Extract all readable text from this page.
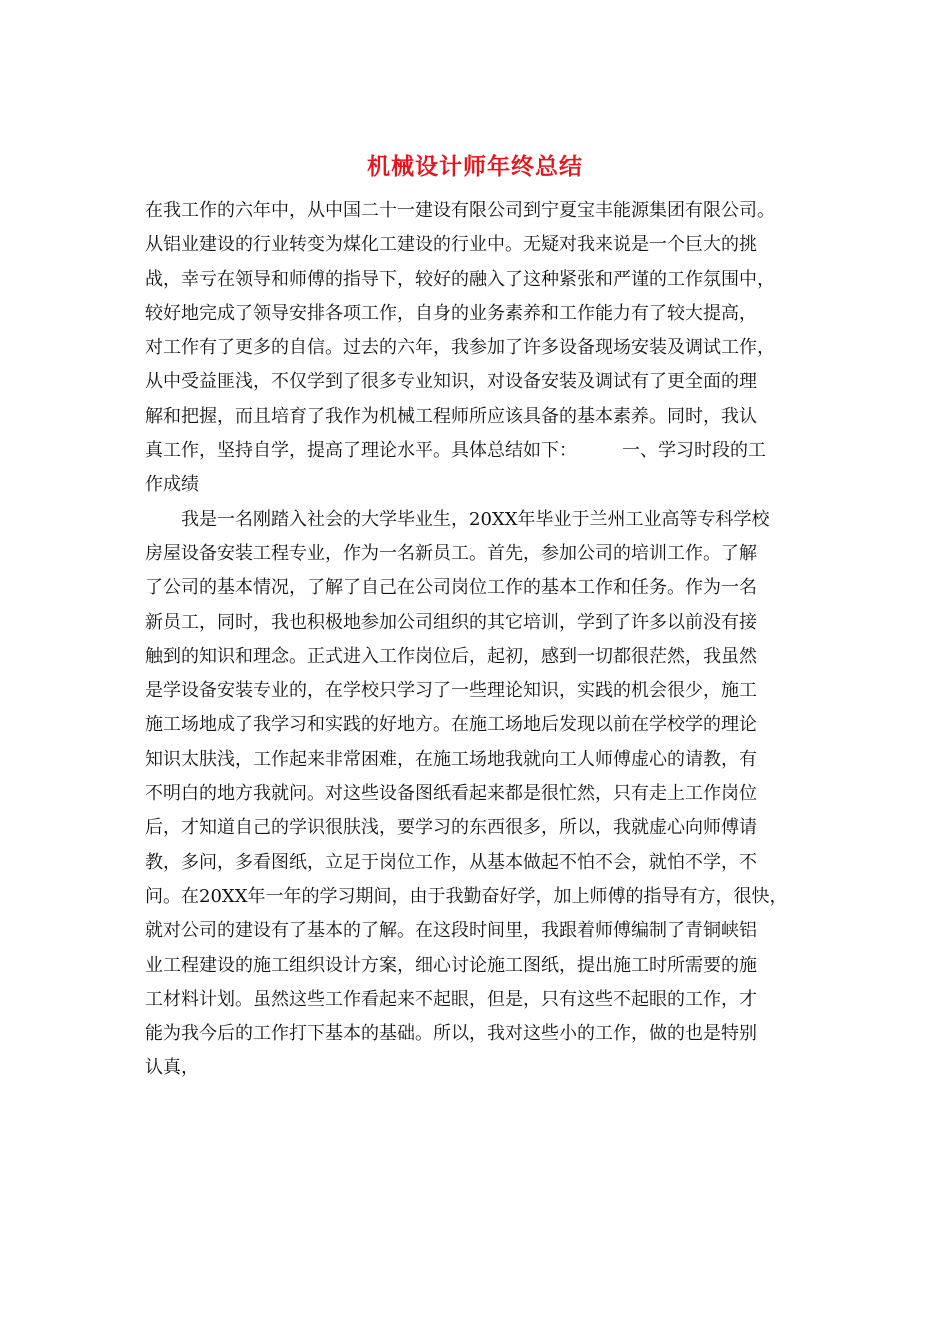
机械设计师年终总结
在我工作的六年中，从中国二十一建设有限公司到宁夏宝丰能源集团有限公司。
从铝业建设的行业转变为煤化工建设的行业中。无疑对我来说是一个巨大的挑
战，幸亏在领导和师傅的指导下，较好的融入了这种紧张和严谨的工作氛围中，
较好地完成了领导安排各项工作，自身的业务素养和工作能力有了较大提高，
对工作有了更多的自信。过去的六年，我参加了许多设备现场安装及调试工作，
从中受益匪浅，不仅学到了很多专业知识，对设备安装及调试有了更全面的理
解和把握，而且培育了我作为机械工程师所应该具备的基本素养。同时，我认
真工作，坚持自学，提高了理论水平。具体总结如下：　　　一、学习时段的工
作成绩
　　我是一名刚踏入社会的大学毕业生，20XX年毕业于兰州工业高等专科学校
房屋设备安装工程专业，作为一名新员工。首先，参加公司的培训工作。了解
了公司的基本情况，了解了自己在公司岗位工作的基本工作和任务。作为一名
新员工，同时，我也积极地参加公司组织的其它培训，学到了许多以前没有接
触到的知识和理念。正式进入工作岗位后，起初，感到一切都很茫然，我虽然
是学设备安装专业的，在学校只学习了一些理论知识，实践的机会很少，施工
施工场地成了我学习和实践的好地方。在施工场地后发现以前在学校学的理论
知识太肤浅，工作起来非常困难，在施工场地我就向工人师傅虚心的请教，有
不明白的地方我就问。对这些设备图纸看起来都是很忙然，只有走上工作岗位
后，才知道自己的学识很肤浅，要学习的东西很多，所以，我就虚心向师傅请
教，多问，多看图纸，立足于岗位工作，从基本做起不怕不会，就怕不学，不
问。在20XX年一年的学习期间，由于我勤奋好学，加上师傅的指导有方，很快，
就对公司的建设有了基本的了解。在这段时间里，我跟着师傅编制了青铜峡铝
业工程建设的施工组织设计方案，细心讨论施工图纸，提出施工时所需要的施
工材料计划。虽然这些工作看起来不起眼，但是，只有这些不起眼的工作，才
能为我今后的工作打下基本的基础。所以，我对这些小的工作，做的也是特别
认真，
